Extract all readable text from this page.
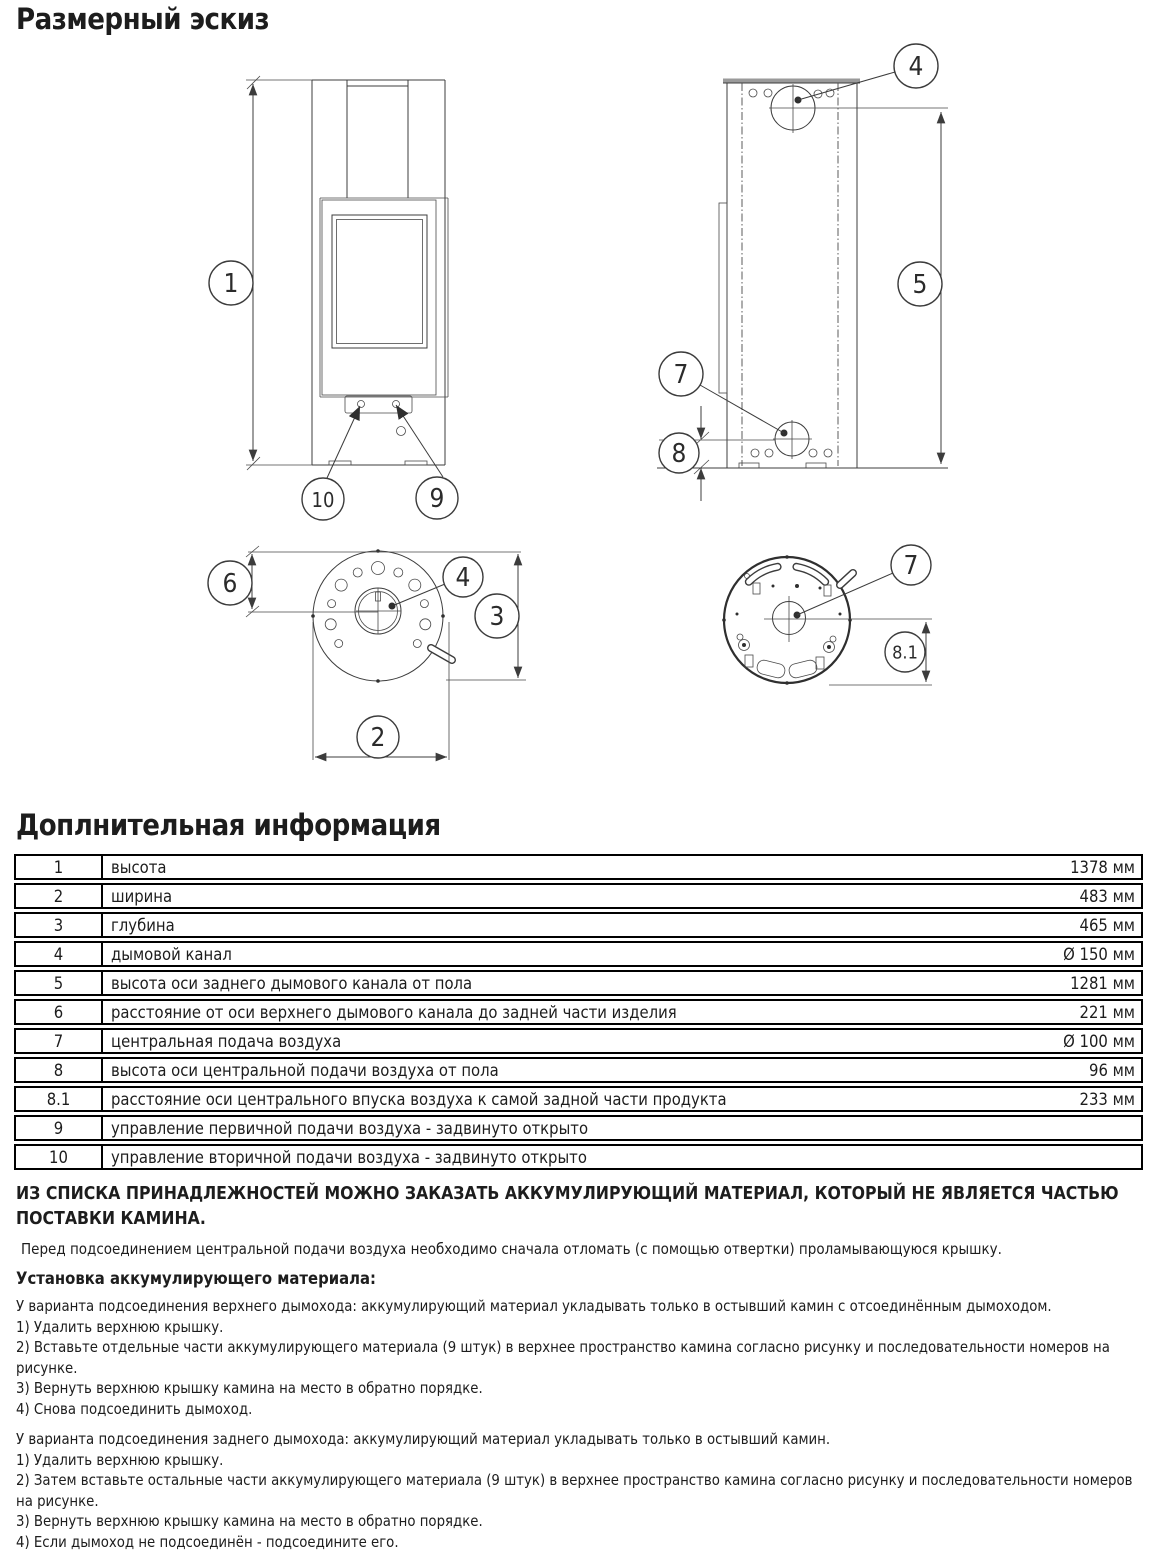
Размерный эскиз
1
10	9
4
5
7
8
6	4
3
2
7
8.1
Доплнительная информация
1	высота	1378 мм
2	ширина	483 мм
3	глубина	465 мм
4	дымовой канал	Ø 150 мм
5	высота оси заднего дымового канала от пола	1281 мм
6	расстояние от оси верхнего дымового канала до задней части изделия	221 мм
7	центральная подача воздуха	Ø 100 мм
8	высота оси центральной подачи воздуха от пола	96 мм
8.1	расстояние оси центрального впуска воздуха к самой задной части продукта	233 мм
9	управление первичной подачи воздуха - задвинуто открыто
10	управление вторичной подачи воздуха - задвинуто открыто
ИЗ СПИСКА ПРИНАДЛЕЖНОСТЕЙ МОЖНО ЗАКАЗАТЬ АККУМУЛИРУЮЩИЙ МАТЕРИАЛ, КОТОРЫЙ НЕ ЯВЛЯЕТСЯ ЧАСТЬЮ ПОСТАВКИ КАМИНА.
Перед подсоединением центральной подачи воздуха необходимо сначала отломать (с помощью отвертки) проламывающуюся крышку.
Установка аккумулирующего материала:
У варианта подсоединения верхнего дымохода: аккумулирующий материал укладывать только в остывший камин с отсоединённым дымоходом.
1) Удалить верхнюю крышку.
2) Вставьте отдельные части аккумулирующего материала (9 штук) в верхнее пространство камина согласно рисунку и последовательности номеров на рисунке.
3) Вернуть верхнюю крышку камина на место в обратно порядке.
4) Снова подсоединить дымоход.
У варианта подсоединения заднего дымохода: аккумулирующий материал укладывать только в остывший камин.
1) Удалить верхнюю крышку.
2) Затем вставьте остальные части аккумулирующего материала (9 штук) в верхнее пространство камина согласно рисунку и последовательности номеров на рисунке.
3) Вернуть верхнюю крышку камина на место в обратно порядке.
4) Если дымоход не подсоединён - подсоедините его.
